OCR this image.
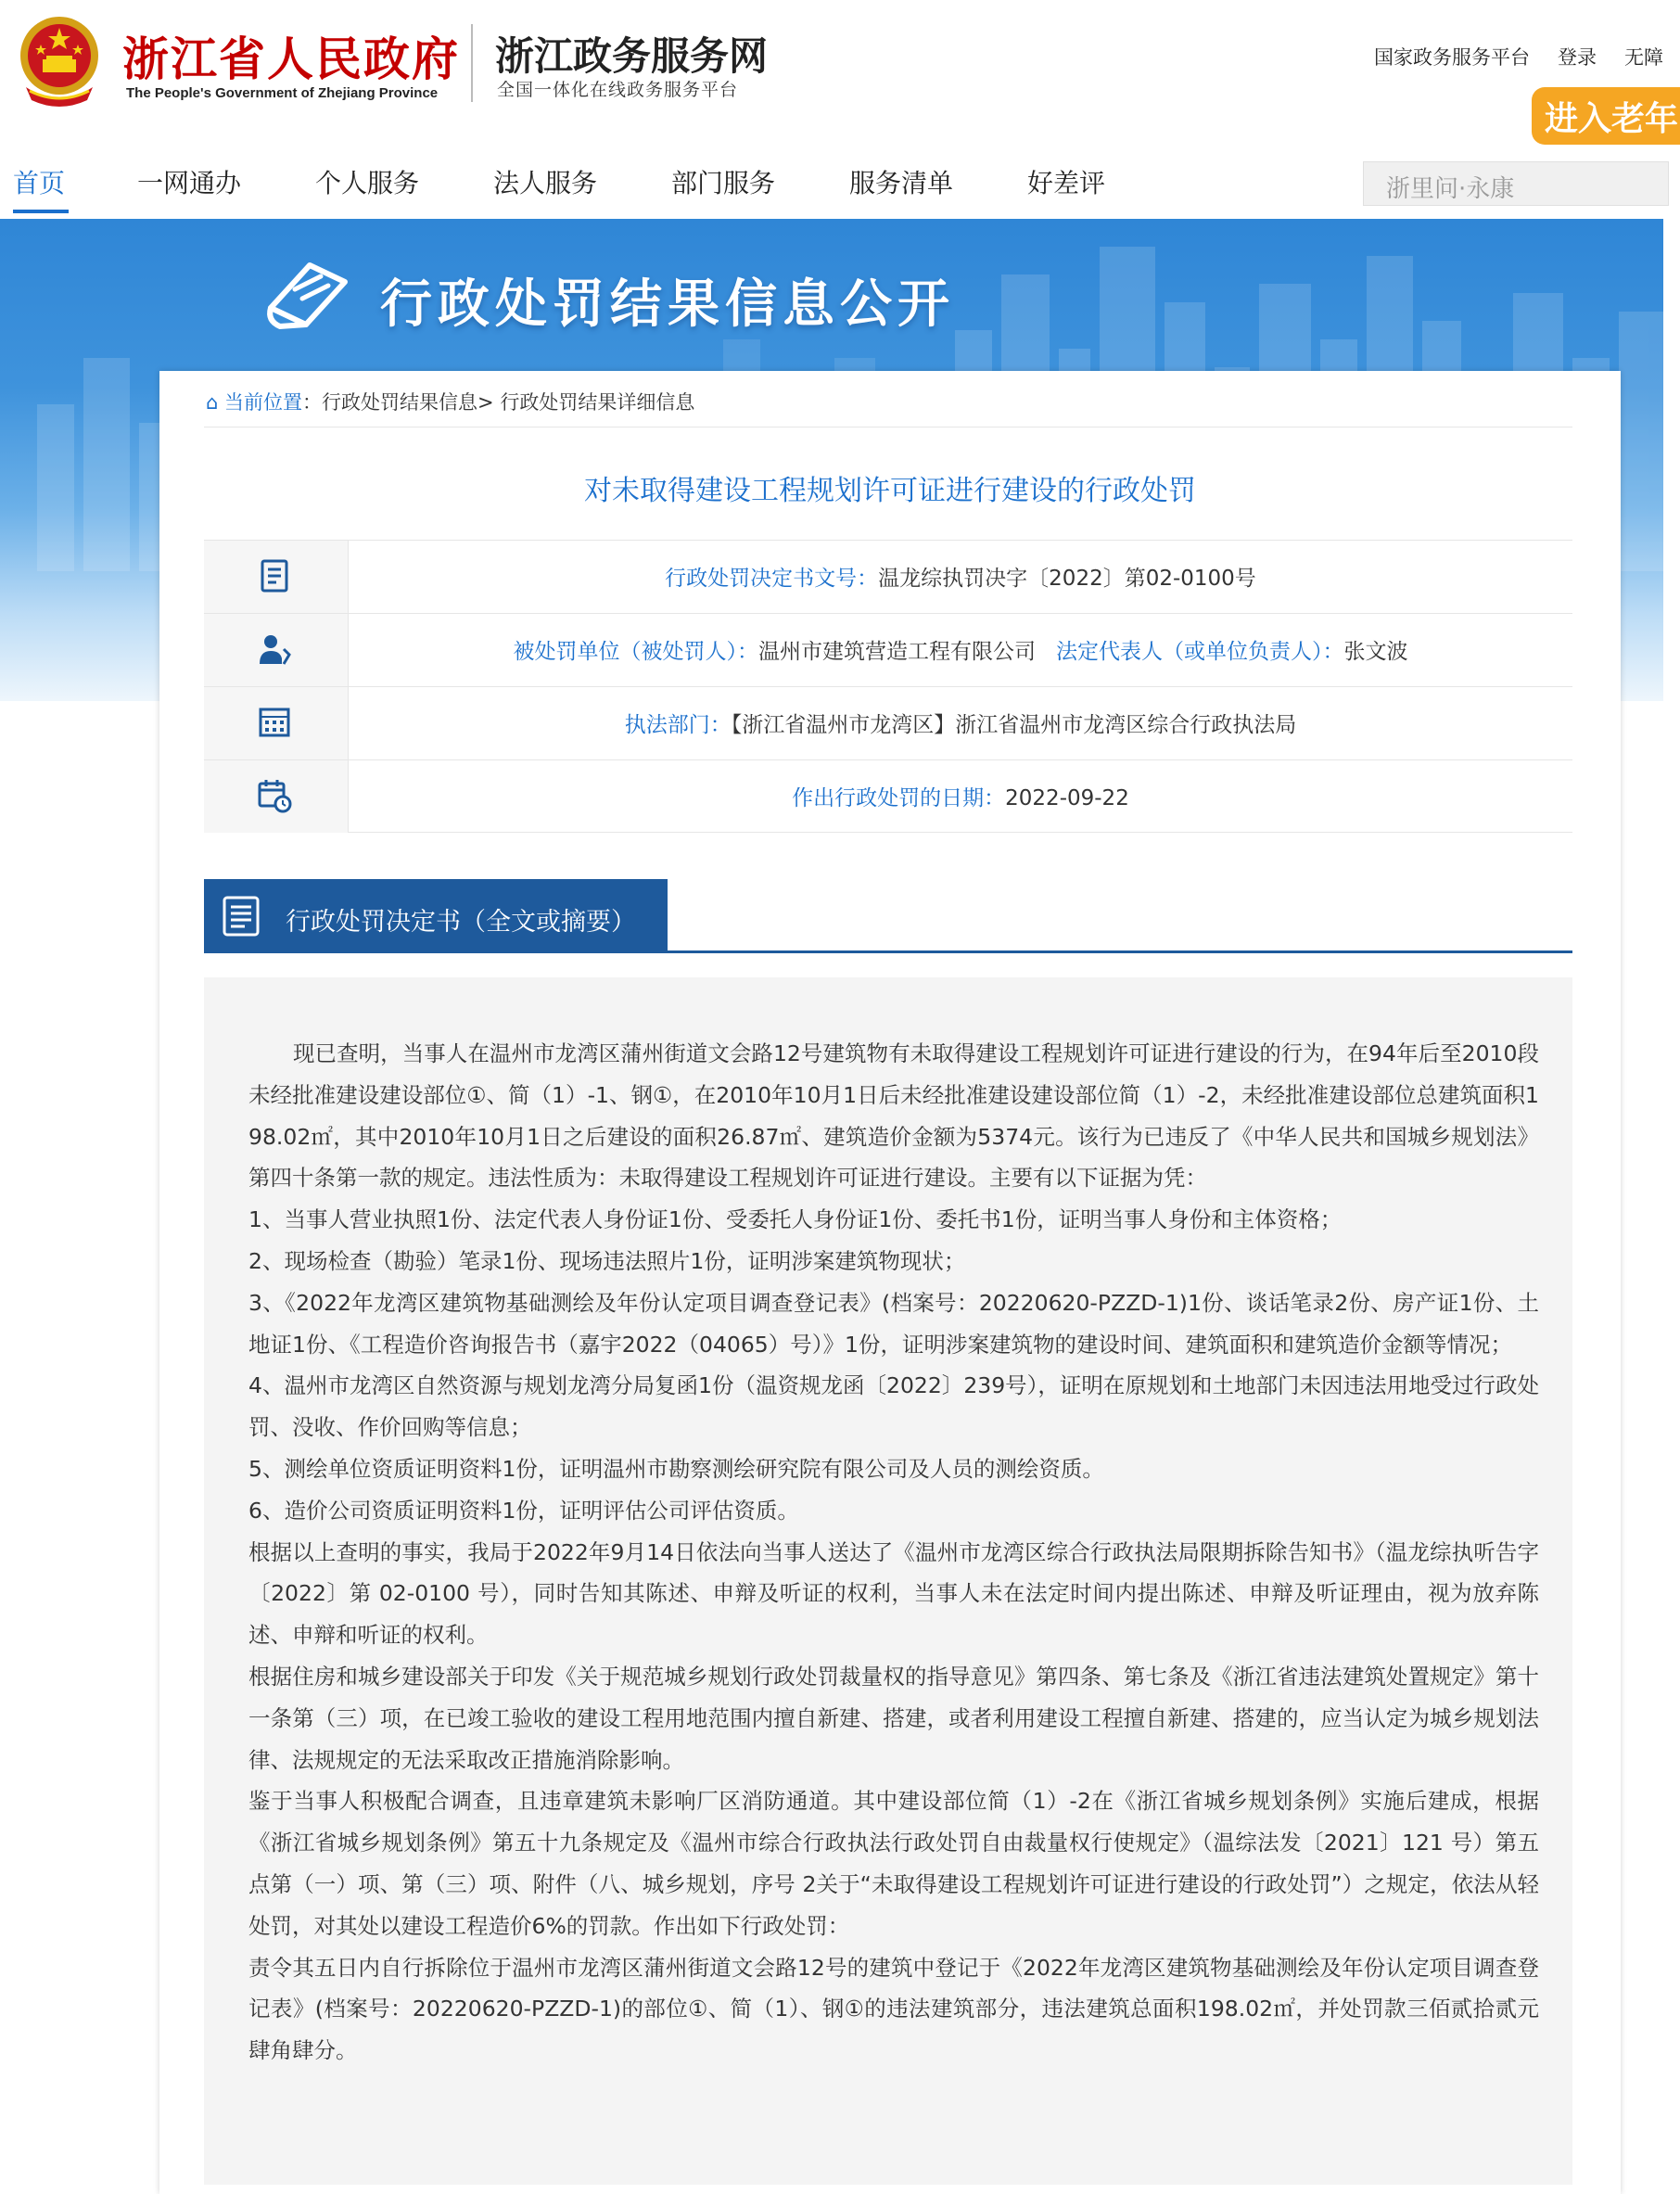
浙江省人民政府
The People's Government of Zhejiang Province
浙江政务服务网
全国一体化在线政务服务平台
国家政务服务平台 登录 无障
进入老年
首页	一网通办	个人服务	法人服务	部门服务	服务清单	好差评	浙里问·永康
行政处罚结果信息公开
⌂ 当前位置：行政处罚结果信息> 行政处罚结果详细信息
对未取得建设工程规划许可证进行建设的行政处罚
行政处罚决定书文号：温龙综执罚决字〔2022〕第02-0100号
被处罚单位（被处罚人）：温州市建筑营造工程有限公司 法定代表人（或单位负责人）：张文波
执法部门：【浙江省温州市龙湾区】浙江省温州市龙湾区综合行政执法局
作出行政处罚的日期：2022-09-22
行政处罚决定书（全文或摘要）

现已查明，当事人在温州市龙湾区蒲州街道文会路12号建筑物有未取得建设工程规划许可证进行建设的行为，在94年后至2010段未经批准建设建设部位①、简（1）-1、钢①，在2010年10月1日后未经批准建设建设部位简（1）-2，未经批准建设部位总建筑面积198.02㎡，其中2010年10月1日之后建设的面积26.87㎡、建筑造价金额为5374元。该行为已违反了《中华人民共和国城乡规划法》第四十条第一款的规定。违法性质为：未取得建设工程规划许可证进行建设。主要有以下证据为凭：

1、当事人营业执照1份、法定代表人身份证1份、受委托人身份证1份、委托书1份，证明当事人身份和主体资格；

2、现场检查（勘验）笔录1份、现场违法照片1份，证明涉案建筑物现状；

3、《2022年龙湾区建筑物基础测绘及年份认定项目调查登记表》(档案号：20220620-PZZD-1)1份、谈话笔录2份、房产证1份、土地证1份、《工程造价咨询报告书（嘉宇2022（04065）号）》1份，证明涉案建筑物的建设时间、建筑面积和建筑造价金额等情况；

4、温州市龙湾区自然资源与规划龙湾分局复函1份（温资规龙函〔2022〕239号），证明在原规划和土地部门未因违法用地受过行政处罚、没收、作价回购等信息；

5、测绘单位资质证明资料1份，证明温州市勘察测绘研究院有限公司及人员的测绘资质。

6、造价公司资质证明资料1份，证明评估公司评估资质。

根据以上查明的事实，我局于2022年9月14日依法向当事人送达了《温州市龙湾区综合行政执法局限期拆除告知书》（温龙综执听告字〔2022〕第 02-0100 号），同时告知其陈述、申辩及听证的权利，当事人未在法定时间内提出陈述、申辩及听证理由，视为放弃陈述、申辩和听证的权利。

根据住房和城乡建设部关于印发《关于规范城乡规划行政处罚裁量权的指导意见》第四条、第七条及《浙江省违法建筑处置规定》第十一条第（三）项，在已竣工验收的建设工程用地范围内擅自新建、搭建，或者利用建设工程擅自新建、搭建的，应当认定为城乡规划法律、法规规定的无法采取改正措施消除影响。

鉴于当事人积极配合调查，且违章建筑未影响厂区消防通道。其中建设部位简（1）-2在《浙江省城乡规划条例》实施后建成，根据《浙江省城乡规划条例》第五十九条规定及《温州市综合行政执法行政处罚自由裁量权行使规定》（温综法发〔2021〕121 号）第五点第（一）项、第（三）项、附件（八、城乡规划，序号 2关于“未取得建设工程规划许可证进行建设的行政处罚”）之规定，依法从轻处罚，对其处以建设工程造价6%的罚款。作出如下行政处罚：

责令其五日内自行拆除位于温州市龙湾区蒲州街道文会路12号的建筑中登记于《2022年龙湾区建筑物基础测绘及年份认定项目调查登记表》(档案号：20220620-PZZD-1)的部位①、简（1）、钢①的违法建筑部分，违法建筑总面积198.02㎡，并处罚款三佰贰拾贰元肆角肆分。
